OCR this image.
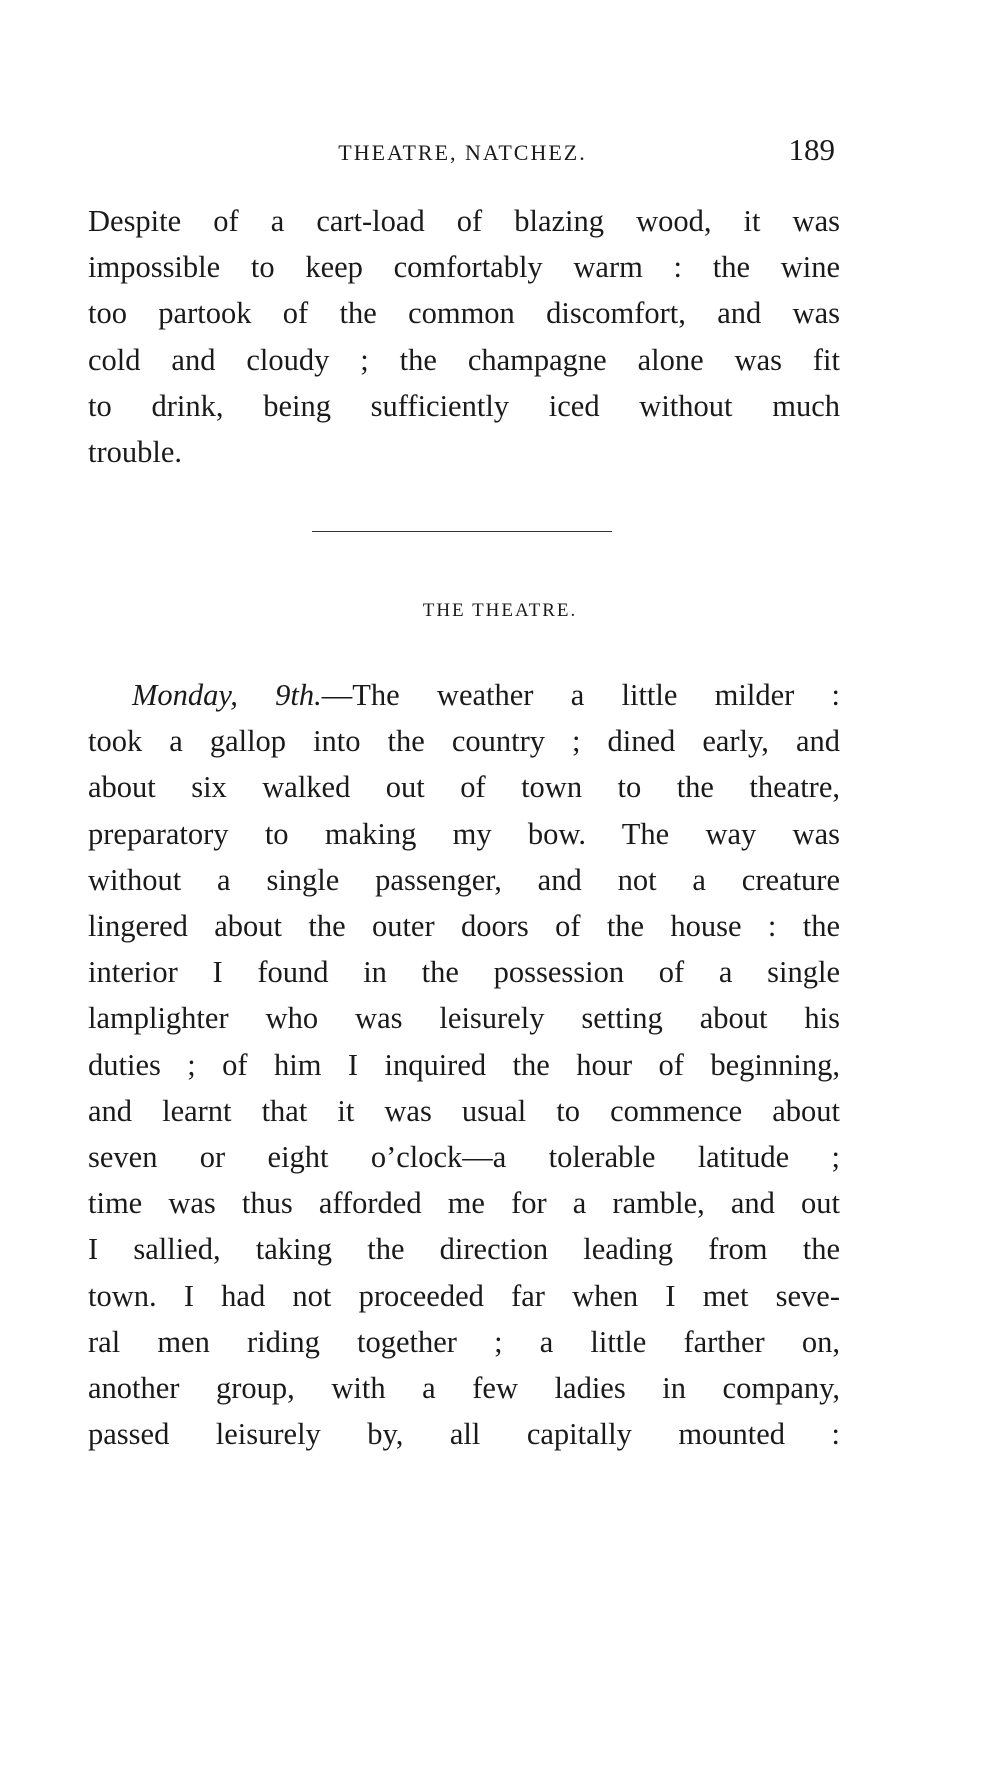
THEATRE, NATCHEZ.	189
Despite of a cart-load of blazing wood, it was
impossible to keep comfortably warm : the wine
too partook of the common discomfort, and was
cold and cloudy ; the champagne alone was fit
to drink, being sufficiently iced without much
trouble.
THE THEATRE.
Monday, 9th.—The weather a little milder :
took a gallop into the country ; dined early, and
about six walked out of town to the theatre,
preparatory to making my bow. The way was
without a single passenger, and not a creature
lingered about the outer doors of the house : the
interior I found in the possession of a single
lamplighter who was leisurely setting about his
duties ; of him I inquired the hour of beginning,
and learnt that it was usual to commence about
seven or eight o’clock—a tolerable latitude ;
time was thus afforded me for a ramble, and out
I sallied, taking the direction leading from the
town. I had not proceeded far when I met seve-
ral men riding together ; a little farther on,
another group, with a few ladies in company,
passed leisurely by, all capitally mounted :
